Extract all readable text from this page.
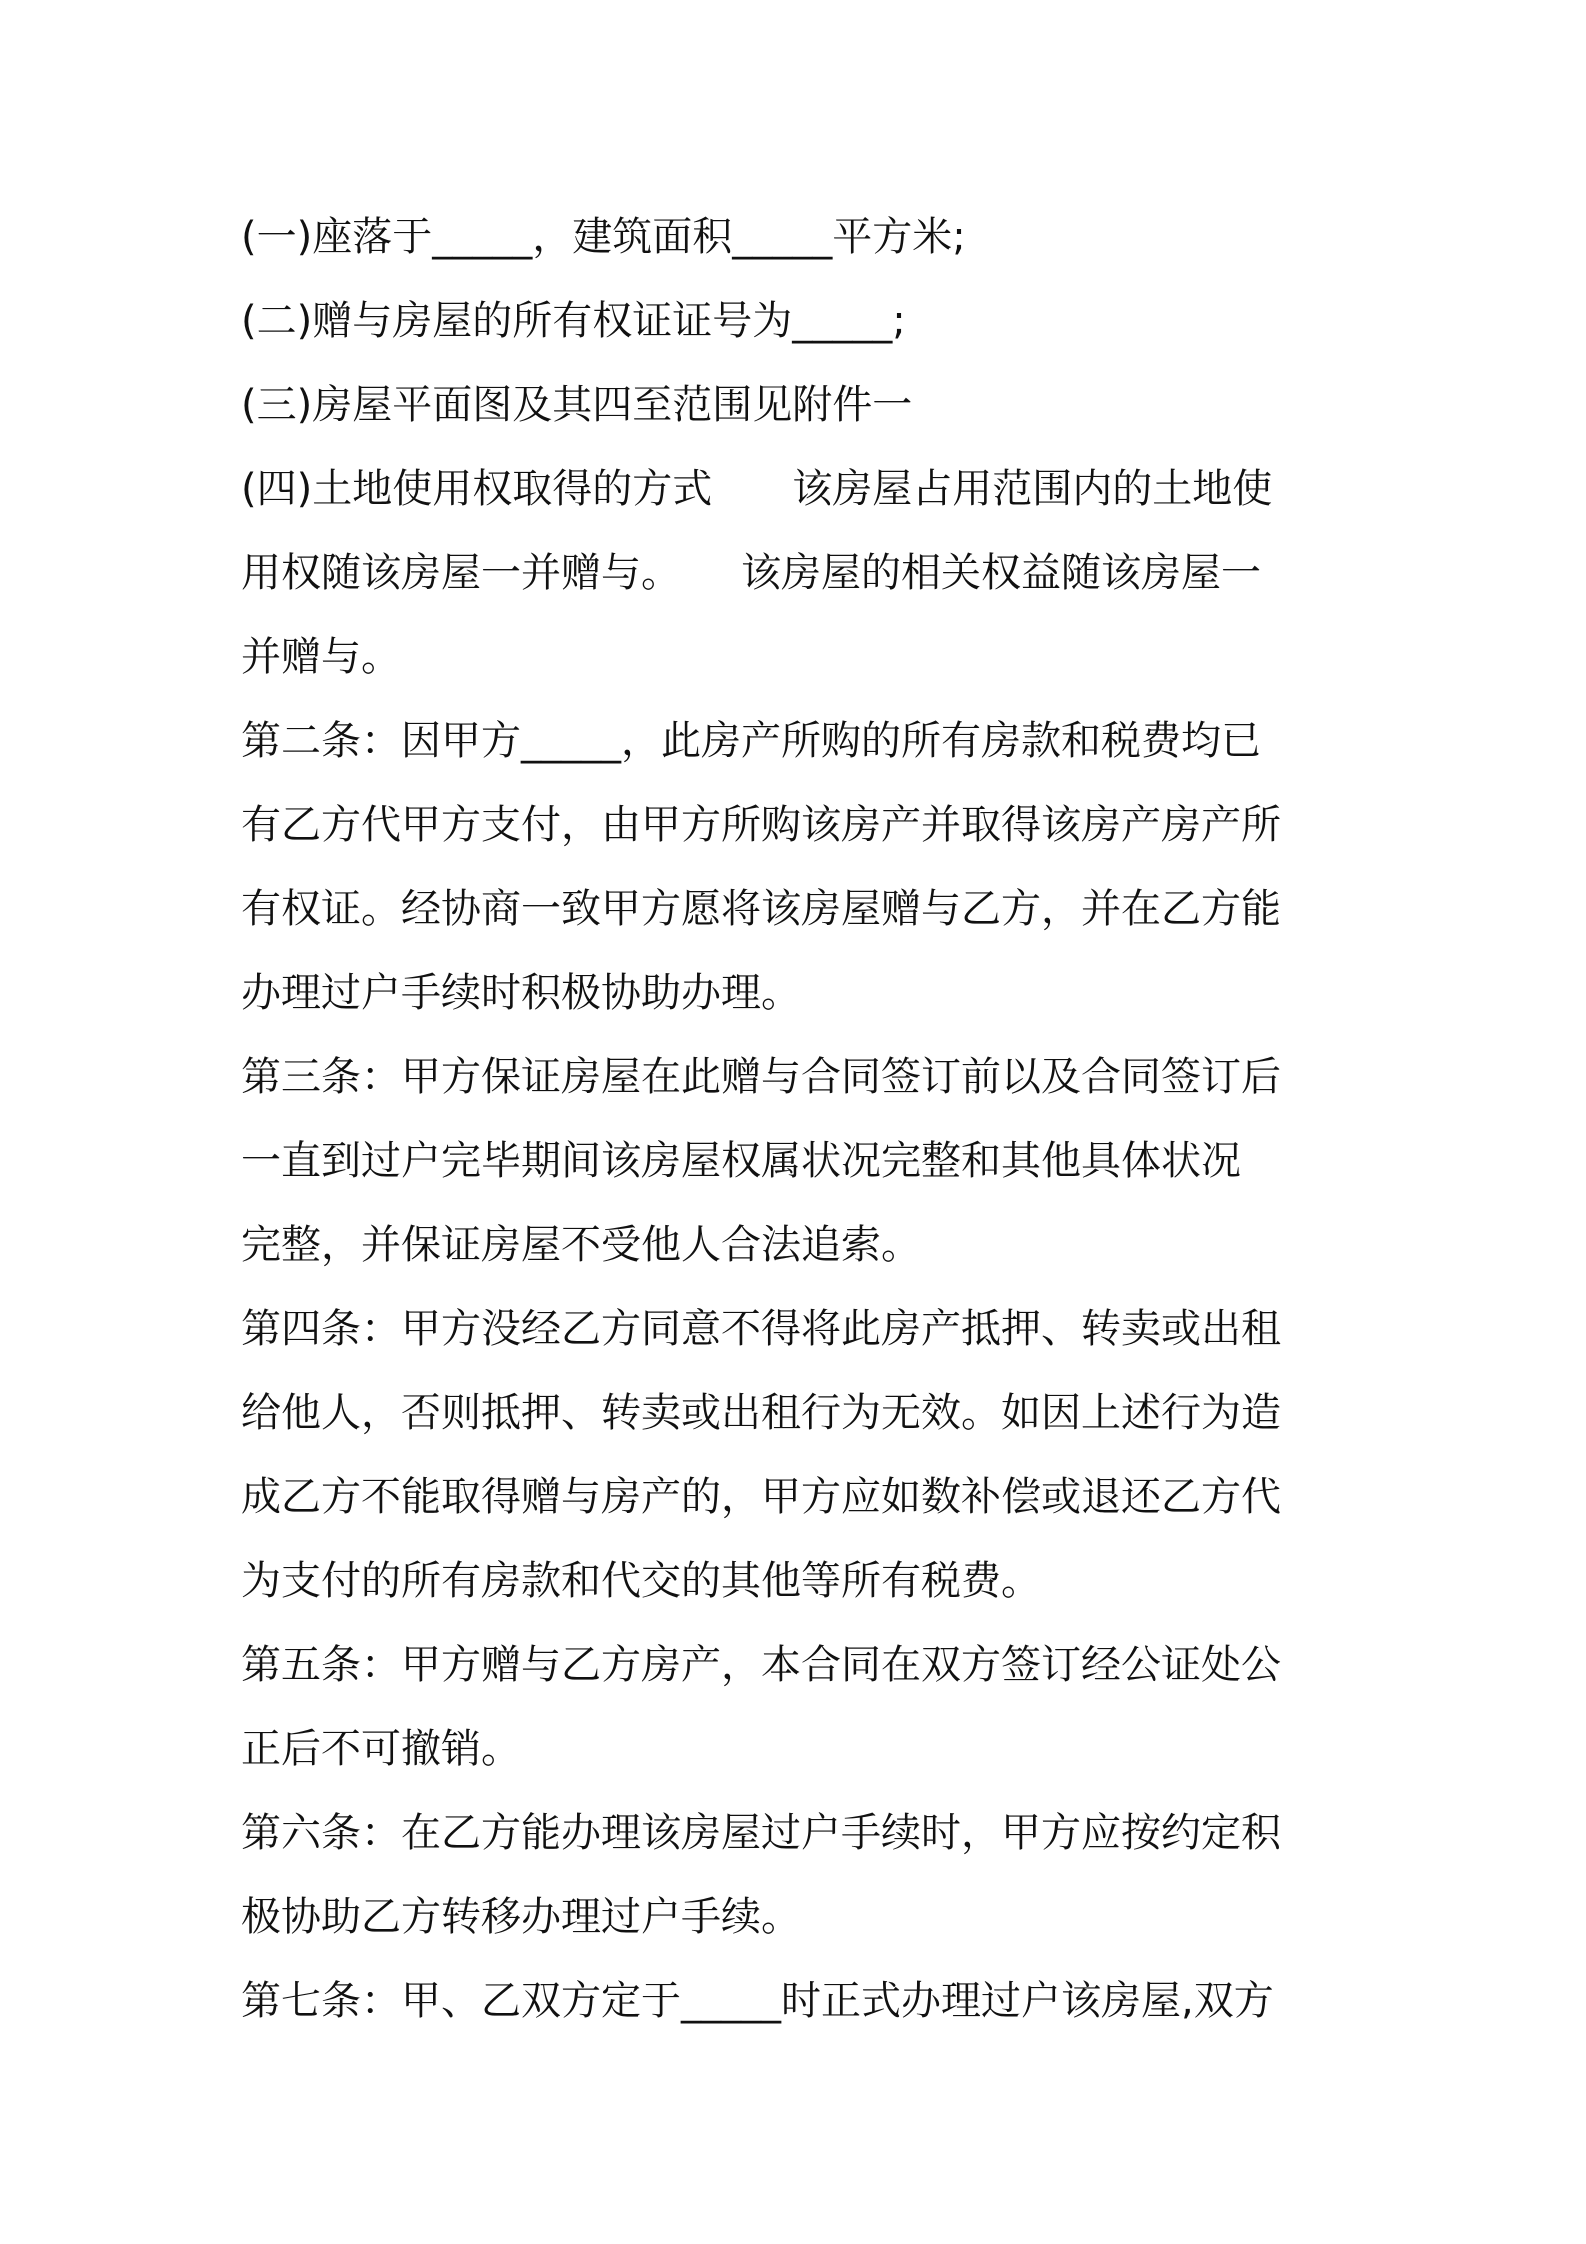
(一)座落于_____，建筑面积_____平方米;
(二)赠与房屋的所有权证证号为_____;
(三)房屋平面图及其四至范围见附件一
(四)土地使用权取得的方式　　该房屋占用范围内的土地使
用权随该房屋一并赠与。　　该房屋的相关权益随该房屋一
并赠与。
第二条：因甲方_____，此房产所购的所有房款和税费均已
有乙方代甲方支付，由甲方所购该房产并取得该房产房产所
有权证。经协商一致甲方愿将该房屋赠与乙方，并在乙方能
办理过户手续时积极协助办理。
第三条：甲方保证房屋在此赠与合同签订前以及合同签订后
一直到过户完毕期间该房屋权属状况完整和其他具体状况
完整，并保证房屋不受他人合法追索。
第四条：甲方没经乙方同意不得将此房产抵押、转卖或出租
给他人，否则抵押、转卖或出租行为无效。如因上述行为造
成乙方不能取得赠与房产的，甲方应如数补偿或退还乙方代
为支付的所有房款和代交的其他等所有税费。
第五条：甲方赠与乙方房产，本合同在双方签订经公证处公
正后不可撤销。
第六条：在乙方能办理该房屋过户手续时，甲方应按约定积
极协助乙方转移办理过户手续。
第七条：甲、乙双方定于_____时正式办理过户该房屋,双方
